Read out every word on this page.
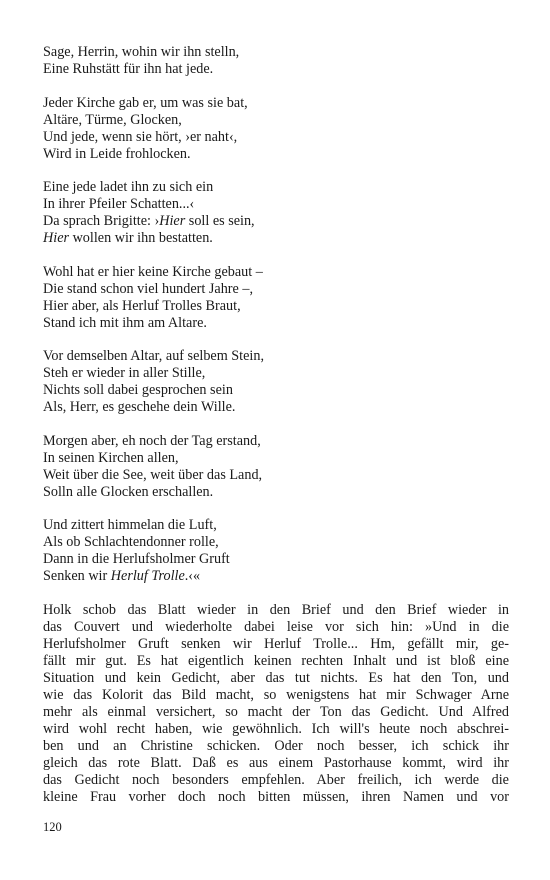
Sage, Herrin, wohin wir ihn stelln,
Eine Ruhstätt für ihn hat jede.
Jeder Kirche gab er, um was sie bat,
Altäre, Türme, Glocken,
Und jede, wenn sie hört, ›er naht‹,
Wird in Leide frohlocken.
Eine jede ladet ihn zu sich ein
In ihrer Pfeiler Schatten...‹
Da sprach Brigitte: ›Hier soll es sein,
Hier wollen wir ihn bestatten.
Wohl hat er hier keine Kirche gebaut –
Die stand schon viel hundert Jahre –,
Hier aber, als Herluf Trolles Braut,
Stand ich mit ihm am Altare.
Vor demselben Altar, auf selbem Stein,
Steh er wieder in aller Stille,
Nichts soll dabei gesprochen sein
Als, Herr, es geschehe dein Wille.
Morgen aber, eh noch der Tag erstand,
In seinen Kirchen allen,
Weit über die See, weit über das Land,
Solln alle Glocken erschallen.
Und zittert himmelan die Luft,
Als ob Schlachtendonner rolle,
Dann in die Herlufsholmer Gruft
Senken wir Herluf Trolle.‹«
Holk schob das Blatt wieder in den Brief und den Brief wieder in
das Couvert und wiederholte dabei leise vor sich hin: »Und in die
Herlufsholmer Gruft senken wir Herluf Trolle... Hm, gefällt mir, ge-
fällt mir gut. Es hat eigentlich keinen rechten Inhalt und ist bloß eine
Situation und kein Gedicht, aber das tut nichts. Es hat den Ton, und
wie das Kolorit das Bild macht, so wenigstens hat mir Schwager Arne
mehr als einmal versichert, so macht der Ton das Gedicht. Und Alfred
wird wohl recht haben, wie gewöhnlich. Ich will's heute noch abschrei-
ben und an Christine schicken. Oder noch besser, ich schick ihr
gleich das rote Blatt. Daß es aus einem Pastorhause kommt, wird ihr
das Gedicht noch besonders empfehlen. Aber freilich, ich werde die
kleine Frau vorher doch noch bitten müssen, ihren Namen und vor
120
